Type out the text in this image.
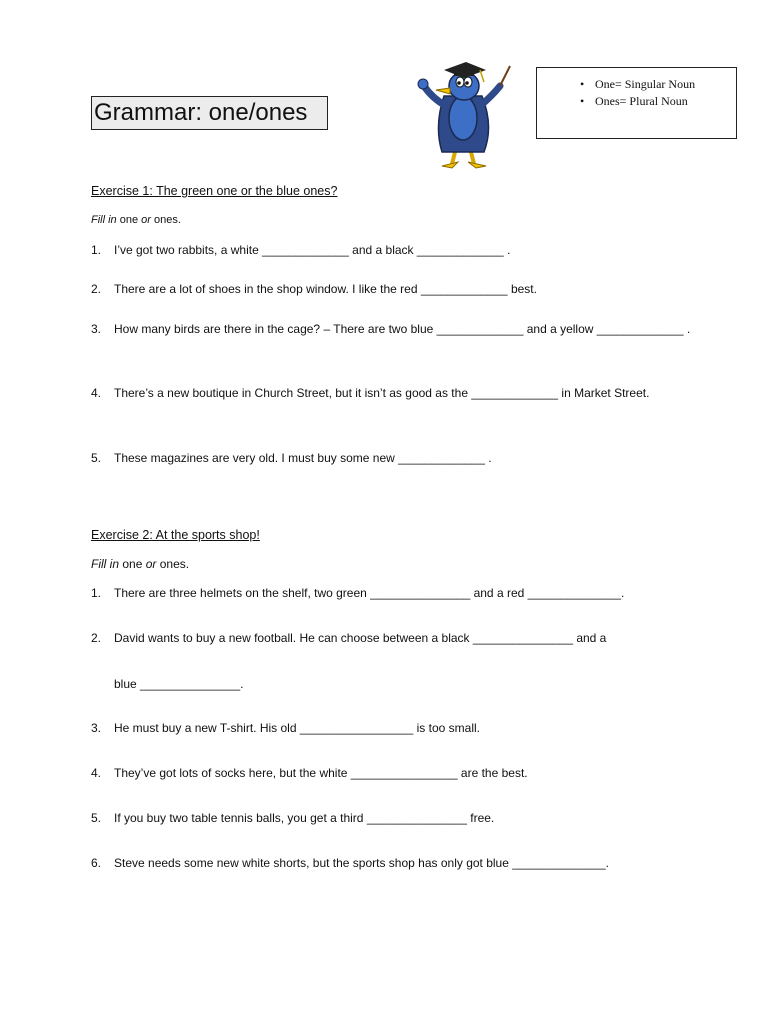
Grammar: one/ones
• One= Singular Noun
• Ones= Plural Noun
Exercise 1: The green one or the blue ones?
Fill in one or ones.
1. I’ve got two rabbits, a white _____________ and a black _____________ .
2. There are a lot of shoes in the shop window. I like the red _____________ best.
3. How many birds are there in the cage? – There are two blue _____________ and a yellow _____________ .
4. There’s a new boutique in Church Street, but it isn’t as good as the _____________ in Market Street.
5. These magazines are very old. I must buy some new _____________ .
Exercise 2: At the sports shop!
Fill in one or ones.
1. There are three helmets on the shelf, two green _______________ and a red ______________.
2. David wants to buy a new football. He can choose between a black _______________ and a
blue _______________.
3. He must buy a new T-shirt. His old _________________ is too small.
4. They’ve got lots of socks here, but the white ________________ are the best.
5. If you buy two table tennis balls, you get a third _______________ free.
6. Steve needs some new white shorts, but the sports shop has only got blue ______________.
